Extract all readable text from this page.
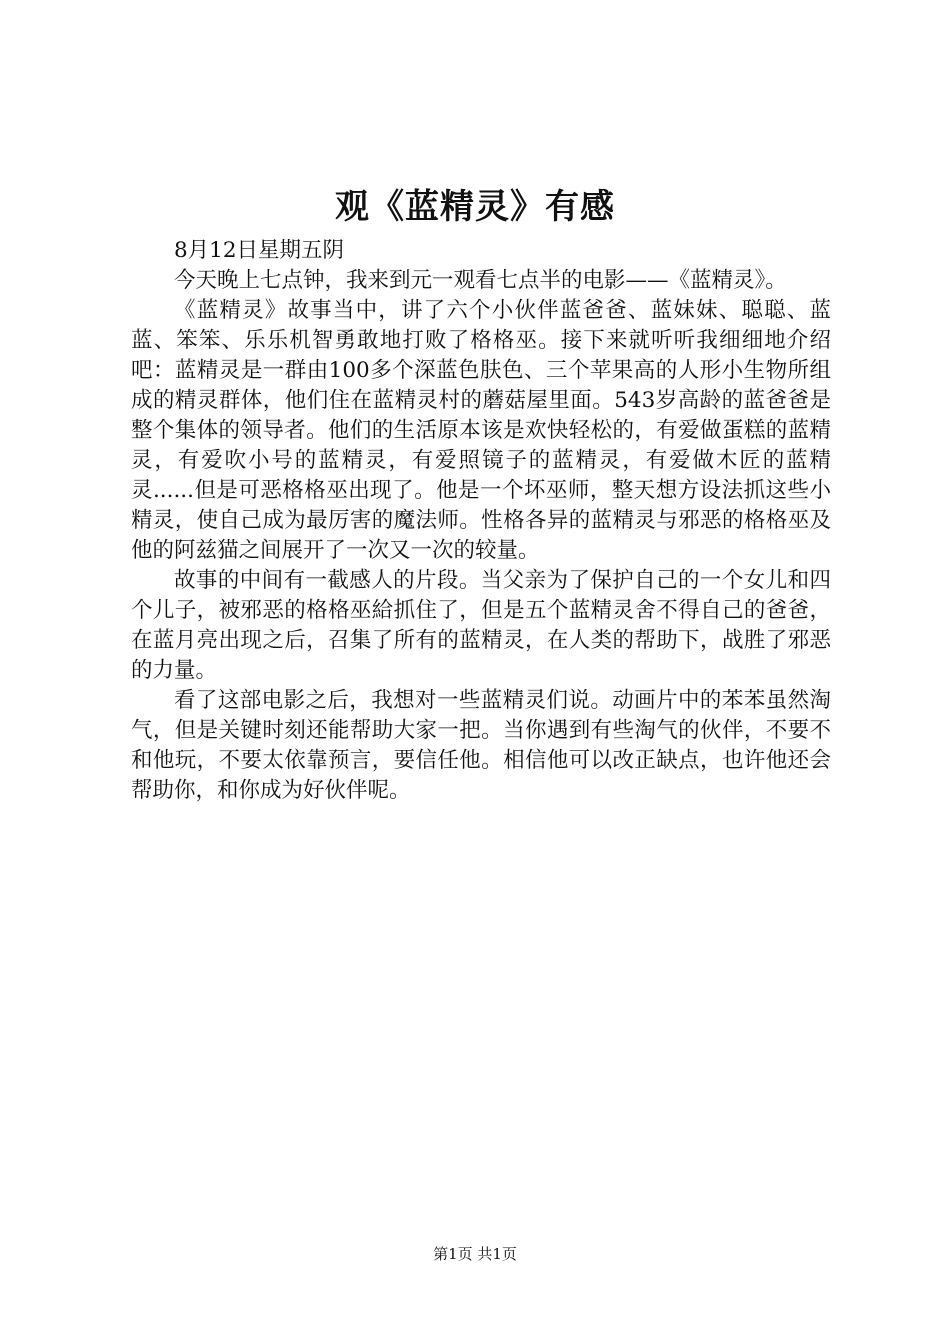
观《蓝精灵》有感

8月12日星期五阴

今天晚上七点钟，我来到元一观看七点半的电影——《蓝精灵》。

《蓝精灵》故事当中，讲了六个小伙伴蓝爸爸、蓝妹妹、聪聪、蓝蓝、笨笨、乐乐机智勇敢地打败了格格巫。接下来就听听我细细地介绍吧：蓝精灵是一群由100多个深蓝色肤色、三个苹果高的人形小生物所组成的精灵群体，他们住在蓝精灵村的蘑菇屋里面。543岁高龄的蓝爸爸是整个集体的领导者。他们的生活原本该是欢快轻松的，有爱做蛋糕的蓝精灵，有爱吹小号的蓝精灵，有爱照镜子的蓝精灵，有爱做木匠的蓝精灵......但是可恶格格巫出现了。他是一个坏巫师，整天想方设法抓这些小精灵，使自己成为最厉害的魔法师。性格各异的蓝精灵与邪恶的格格巫及他的阿兹猫之间展开了一次又一次的较量。

故事的中间有一截感人的片段。当父亲为了保护自己的一个女儿和四个儿子，被邪恶的格格巫給抓住了，但是五个蓝精灵舍不得自己的爸爸，在蓝月亮出现之后，召集了所有的蓝精灵，在人类的帮助下，战胜了邪恶的力量。

看了这部电影之后，我想对一些蓝精灵们说。动画片中的苯苯虽然淘气，但是关键时刻还能帮助大家一把。当你遇到有些淘气的伙伴，不要不和他玩，不要太依靠预言，要信任他。相信他可以改正缺点，也许他还会帮助你，和你成为好伙伴呢。

第1页 共1页
